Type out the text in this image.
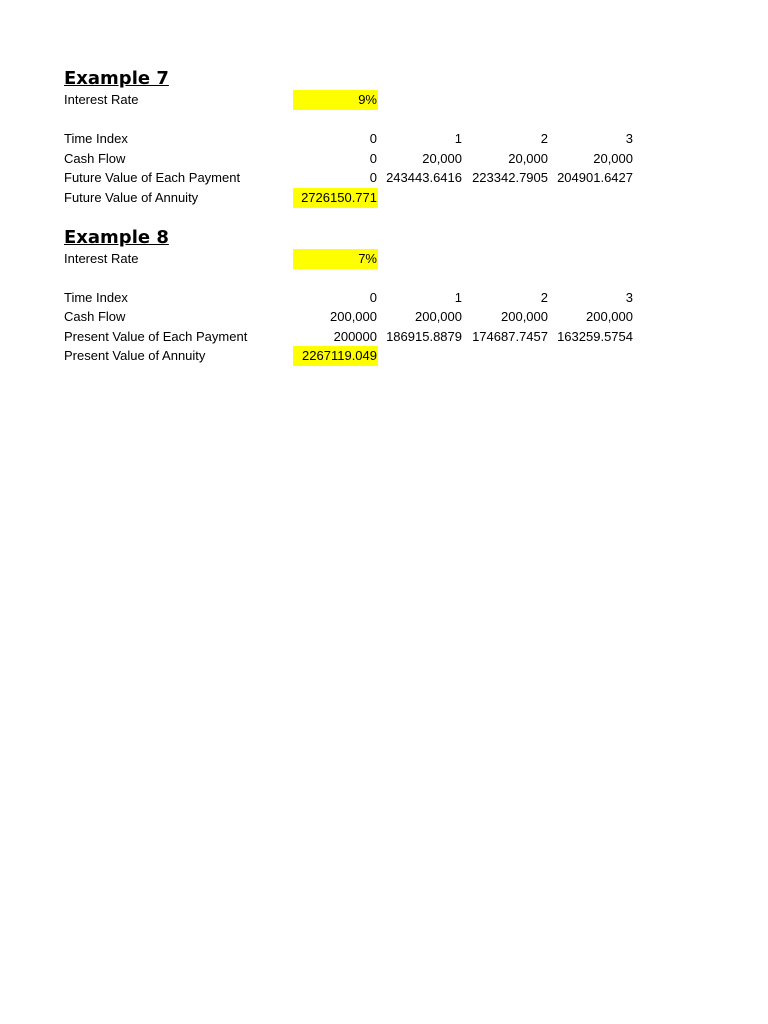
Example 7
Interest Rate	9%
Time Index	0	1	2	3
Cash Flow	0	20,000	20,000	20,000
Future Value of Each Payment	0 243443.6416 223342.7905 204901.6427
Future Value of Annuity	2726150.771
Example 8
Interest Rate	7%
Time Index	0	1	2	3
Cash Flow	200,000	200,000	200,000	200,000
Present Value of Each Payment	200000 186915.8879 174687.7457 163259.5754
Present Value of Annuity	2267119.049
